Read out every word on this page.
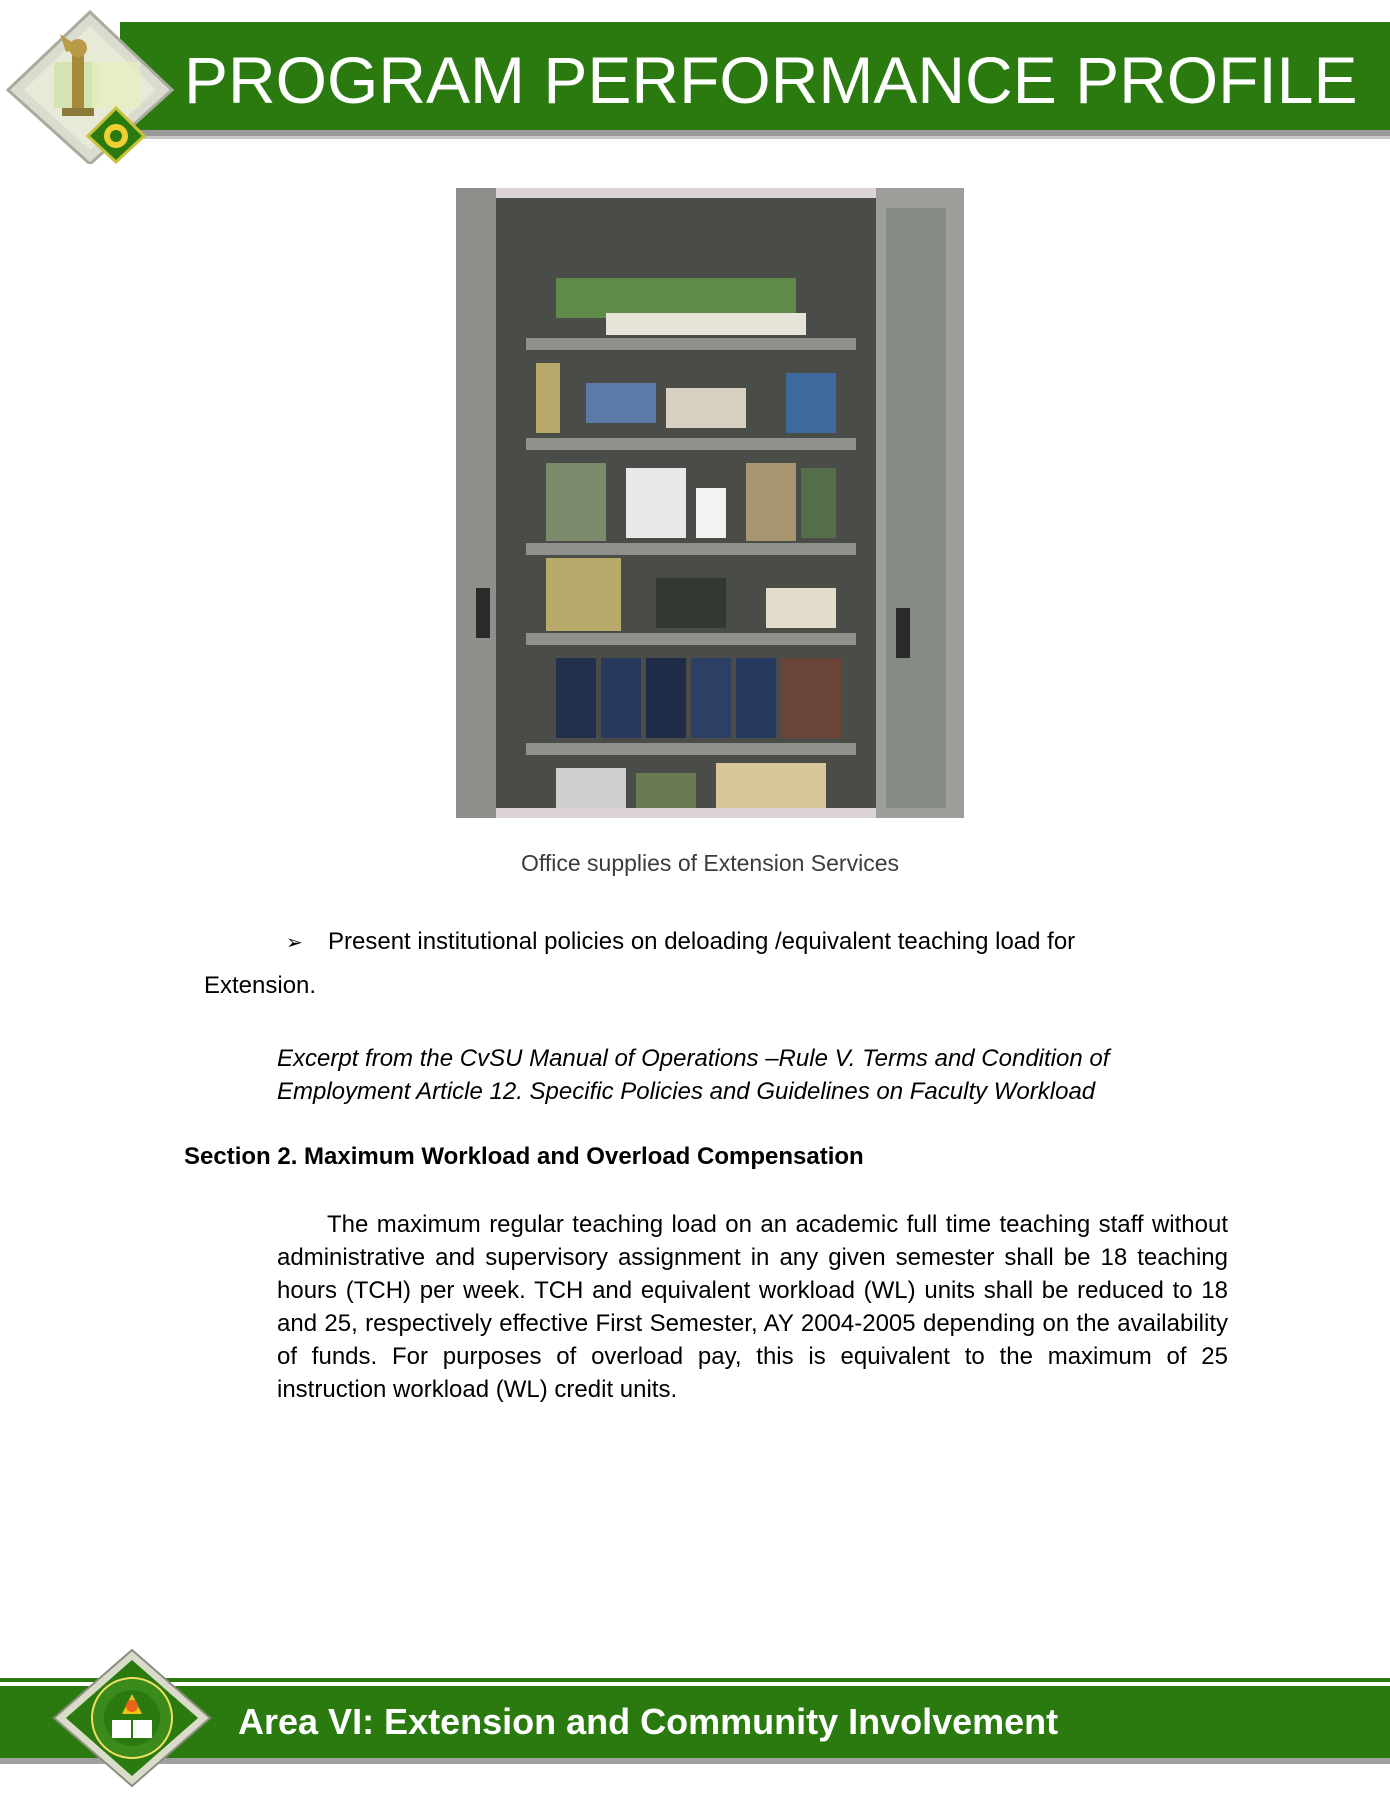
PROGRAM PERFORMANCE PROFILE
Office supplies of Extension Services
➢ Present institutional policies on deloading /equivalent teaching load for
Extension.
Excerpt from the CvSU Manual of Operations –Rule V. Terms and Condition of Employment Article 12. Specific Policies and Guidelines on Faculty Workload
Section 2. Maximum Workload and Overload Compensation
The maximum regular teaching load on an academic full time teaching staff without administrative and supervisory assignment in any given semester shall be 18 teaching hours (TCH) per week. TCH and equivalent workload (WL) units shall be reduced to 18 and 25, respectively effective First Semester, AY 2004-2005 depending on the availability of funds. For purposes of overload pay, this is equivalent to the maximum of 25 instruction workload (WL) credit units.
Area VI: Extension and Community Involvement
